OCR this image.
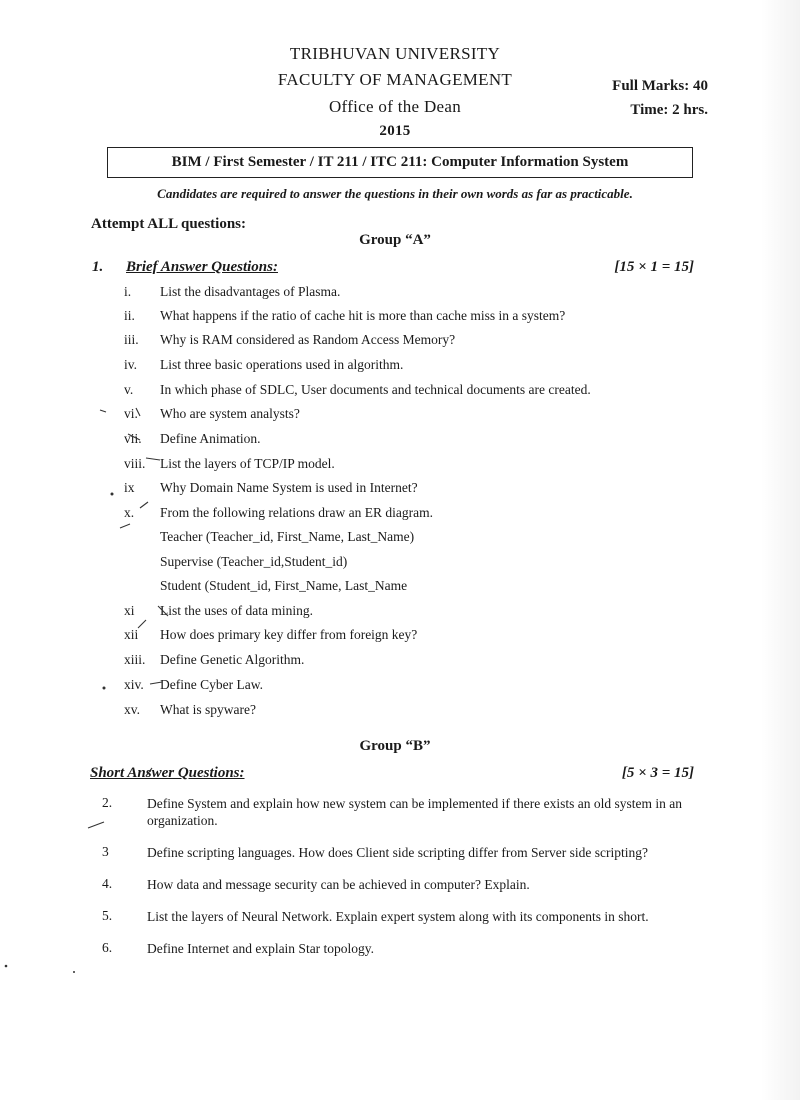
TRIBHUVAN UNIVERSITY
FACULTY OF MANAGEMENT
Office of the Dean
2015
Full Marks: 40
Time: 2 hrs.
BIM / First Semester / IT 211 / ITC 211: Computer Information System
Candidates are required to answer the questions in their own words as far as practicable.
Attempt ALL questions:
Group “A”
1. Brief Answer Questions:	[15 × 1 = 15]
i. List the disadvantages of Plasma.
ii. What happens if the ratio of cache hit is more than cache miss in a system?
iii. Why is RAM considered as Random Access Memory?
iv. List three basic operations used in algorithm.
v. In which phase of SDLC, User documents and technical documents are created.
vi. Who are system analysts?
vii. Define Animation.
viii. List the layers of TCP/IP model.
ix Why Domain Name System is used in Internet?
x. From the following relations draw an ER diagram.
Teacher (Teacher_id, First_Name, Last_Name)
Supervise (Teacher_id,Student_id)
Student (Student_id, First_Name, Last_Name
xi List the uses of data mining.
xii How does primary key differ from foreign key?
xiii. Define Genetic Algorithm.
xiv. Define Cyber Law.
xv. What is spyware?
Group “B”
Short Answer Questions:	[5 × 3 = 15]
2.	Define System and explain how new system can be implemented if there exists an old system in an organization.
3	Define scripting languages. How does Client side scripting differ from Server side scripting?
4.	How data and message security can be achieved in computer? Explain.
5.	List the layers of Neural Network. Explain expert system along with its components in short.
6.	Define Internet and explain Star topology.
